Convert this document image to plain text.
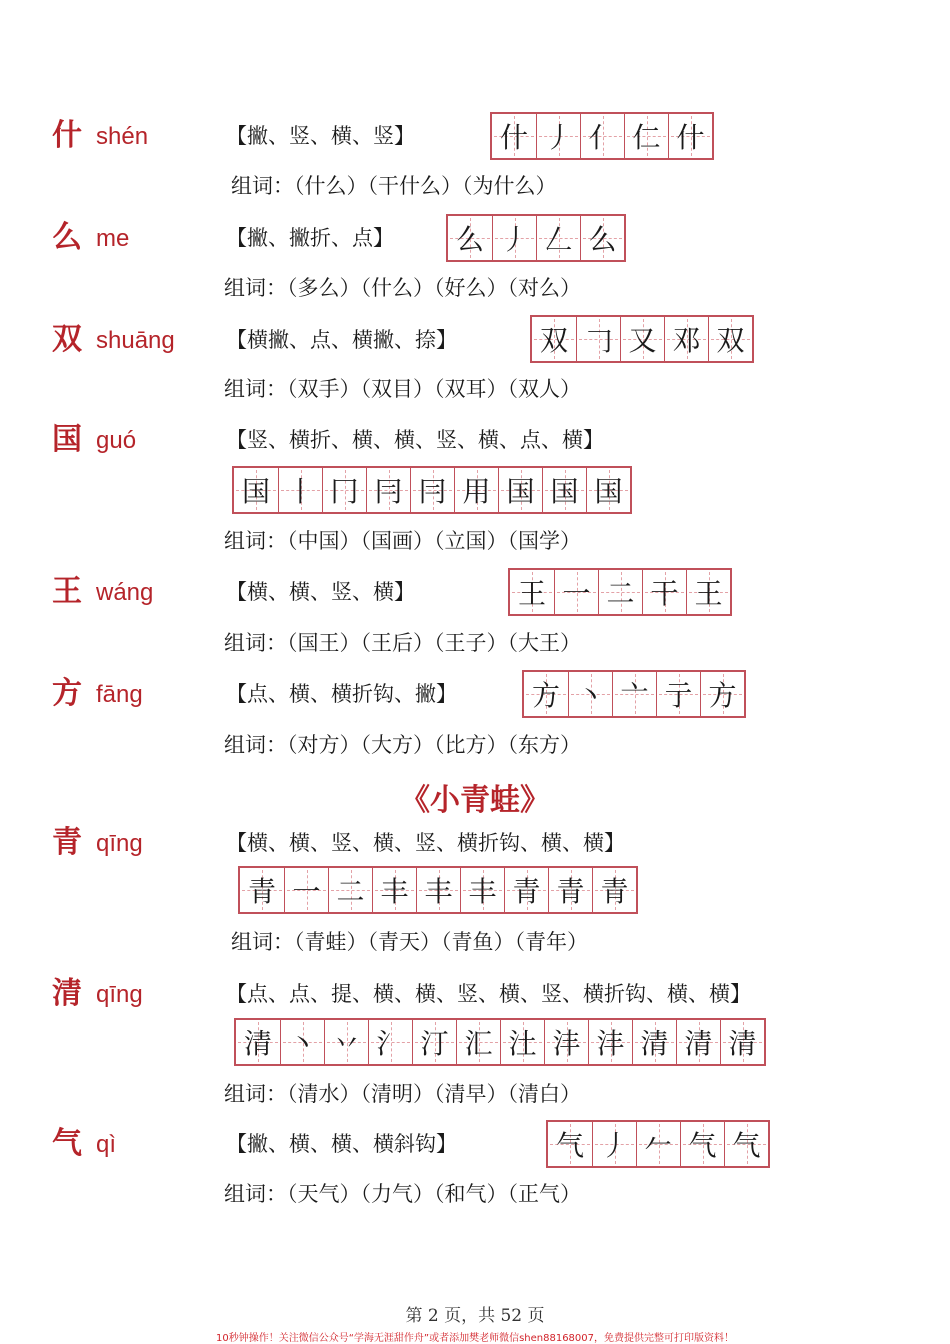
什 shén	【撇、竖、横、竖】	什 丿 亻 仁 什
组词：（什么）（干什么）（为什么）
么 me	【撇、撇折、点】 么 丿 𠃋 么
组词：（多么）（什么）（好么）（对么）
双 shuāng 【横撇、点、横撇、捺】	双 𠃌 又 邓 双
组词：（双手）（双目）（双耳）（双人）
国 guó	【竖、横折、横、横、竖、横、点、横】
国 丨 冂 冃 冃 用 国 国 国
组词：（中国）（国画）（立国）（国学）
王 wáng	【横、横、竖、横】	王 一 二 干 王
组词：（国王）（王后）（王子）（大王）
方 fāng	【点、横、横折钩、撇】	方 丶 亠 亍 方
组词：（对方）（大方）（比方）（东方）
《小青蛙》
青 qīng	【横、横、竖、横、竖、横折钩、横、横】
青 一 二 丰 丰 丰 青 青 青
组词：（青蛙）（青天）（青鱼）（青年）
清 qīng	【点、点、提、横、横、竖、横、竖、横折钩、横、横】
清 丶 丷 氵 汀 汇 汢 沣 沣 清 清 清
组词：（清水）（清明）（清早）（清白）
气 qì	【撇、横、横、横斜钩】	气 丿 𠂉 气 气
组词：（天气）（力气）（和气）（正气）
第 2 页，共 52 页
10秒钟操作！关注微信公众号“学海无涯甜作舟”或者添加樊老师微信shen88168007，免费提供完整可打印版资料！
